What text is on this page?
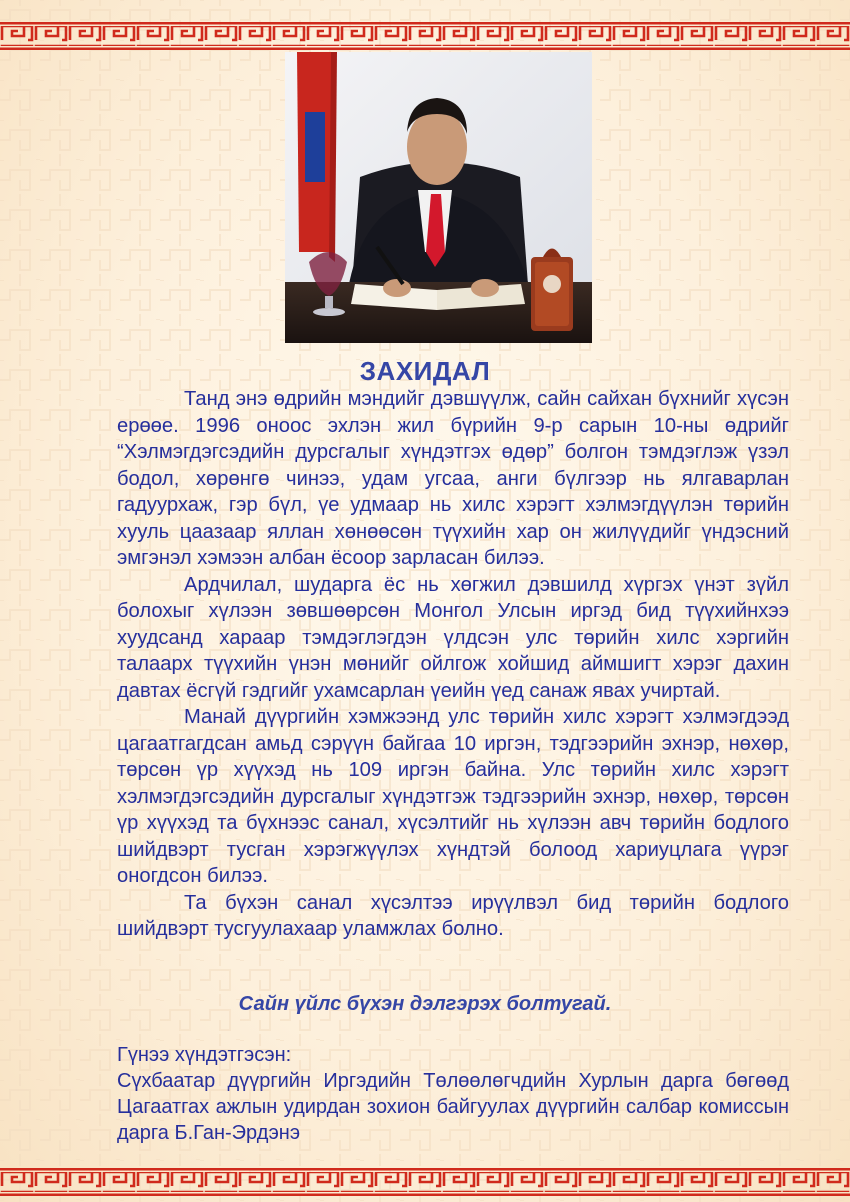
ЗАХИДАЛ

Танд энэ өдрийн мэндийг дэвшүүлж, сайн сайхан бүхнийг хүсэн ерөөе. 1996 оноос эхлэн жил бүрийн 9-р сарын 10-ны өдрийг “Хэлмэгдэгсэдийн дурсгалыг хүндэтгэх өдөр” болгон тэмдэглэж үзэл бодол, хөрөнгө чинээ, удам угсаа, анги бүлгээр нь ялгаварлан гадуурхаж, гэр бүл, үе удмаар нь хилс хэрэгт хэлмэгдүүлэн төрийн хууль цаазаар яллан хөнөөсөн түүхийн хар он жилүүдийг үндэсний эмгэнэл хэмээн албан ёсоор зарласан билээ.

Ардчилал, шударга ёс нь хөгжил дэвшилд хүргэх үнэт зүйл болохыг хүлээн зөвшөөрсөн Монгол Улсын иргэд бид түүхийнхээ хуудсанд хараар тэмдэглэгдэн үлдсэн улс төрийн хилс хэргийн талаарх түүхийн үнэн мөнийг ойлгож хойшид аймшигт хэрэг дахин давтах ёсгүй гэдгийг ухамсарлан үеийн үед санаж явах учиртай.

Манай дүүргийн хэмжээнд улс төрийн хилс хэрэгт хэлмэгдээд цагаатгагдсан амьд сэрүүн байгаа 10 иргэн, тэдгээрийн эхнэр, нөхөр, төрсөн үр хүүхэд нь 109 иргэн байна. Улс төрийн хилс хэрэгт хэлмэгдэгсэдийн дурсгалыг хүндэтгэж тэдгээрийн эхнэр, нөхөр, төрсөн үр хүүхэд та бүхнээс санал, хүсэлтийг нь хүлээн авч төрийн бодлого шийдвэрт тусган хэрэгжүүлэх хүндтэй болоод хариуцлага үүрэг оногдсон билээ.

Та бүхэн санал хүсэлтээ ирүүлвэл бид төрийн бодлого шийдвэрт тусгуулахаар уламжлах болно.

Сайн үйлс бүхэн дэлгэрэх болтугай.

Гүнээ хүндэтгэсэн:

Сүхбаатар дүүргийн Иргэдийн Төлөөлөгчдийн Хурлын дарга бөгөөд Цагаатгах ажлын удирдан зохион байгуулах дүүргийн салбар комиссын дарга Б.Ган-Эрдэнэ
